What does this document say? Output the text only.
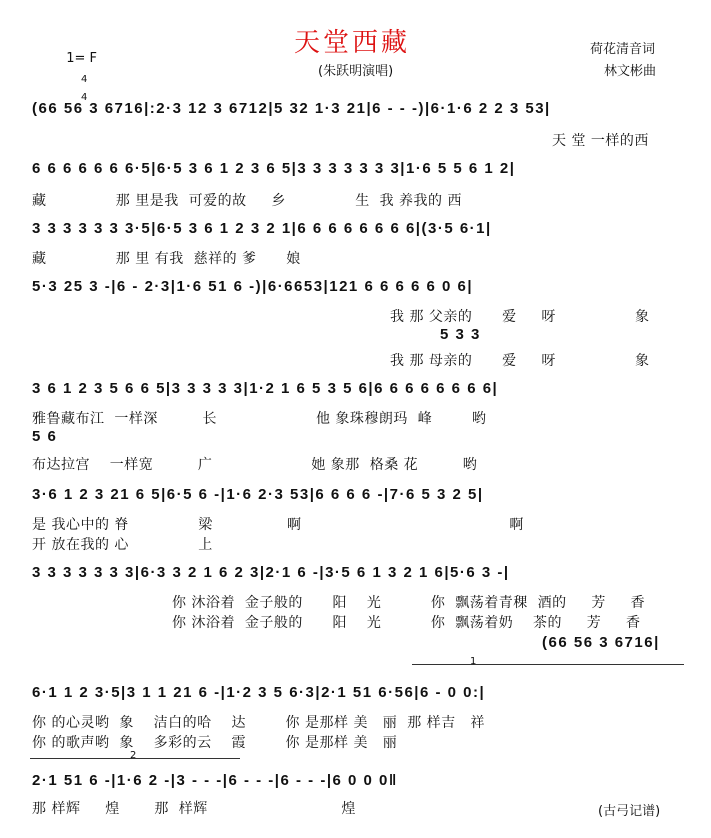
1= F

4

4

天堂西藏
(朱跃明演唱)
荷花清音词
林文彬曲
(66 56 3 6716|:2·3 12 3 6712|5 32 1·3 21|6 - - -)|6·1·6 2 2 3 53|
天 堂 一样的西
6 6 6 6 6 6 6·5|6·5 3 6 1 2 3 6 5|3 3 3 3 3 3 3|1·6 5 5 6 1 2|
藏              那 里是我  可爱的故     乡              生  我 养我的 西
3 3 3 3 3 3 3·5|6·5 3 6 1 2 3 2 1|6 6 6 6 6 6 6 6|(3·5 6·1|
藏              那 里 有我  慈祥的 爹      娘
5·3 25 3 -|6 - 2·3|1·6 51 6 -)|6·6653|121 6 6 6 6 6 0 6|
我 那 父亲的      爱     呀                象
5 3 3
我 那 母亲的      爱     呀                象
3 6 1 2 3 5 6 6 5|3 3 3 3 3|1·2 1 6 5 3 5 6|6 6 6 6 6 6 6 6|
雅鲁藏布江  一样深         长                    他 象珠穆朗玛  峰        哟
5 6
布达拉宫    一样宽         广                    她 象那  格桑 花         哟
3·6 1 2 3 21 6 5|6·5 6 -|1·6 2·3 53|6 6 6 6 -|7·6 5 3 2 5|
是 我心中的 脊              梁               啊                                          啊
开 放在我的 心              上
3 3 3 3 3 3 3|6·3 3 2 1 6 2 3|2·1 6 -|3·5 6 1 3 2 1 6|5·6 3 -|
你 沐浴着  金子般的      阳    光          你  飘荡着青稞  酒的     芳     香
你 沐浴着  金子般的      阳    光          你  飘荡着奶    茶的     芳     香
(66 56 3 6716|
1
6·1 1 2 3·5|3 1 1 21 6 -|1·2 3 5 6·3|2·1 51 6·56|6 - 0 0:|
你 的心灵哟  象    洁白的哈    达        你 是那样 美   丽  那 样吉   祥
你 的歌声哟  象    多彩的云    霞        你 是那样 美   丽
2
2·1 51 6 -|1·6 2 -|3 - - -|6 - - -|6 - - -|6 0 0 0‖
那 样辉     煌       那  样辉                           煌	(古弓记谱)
